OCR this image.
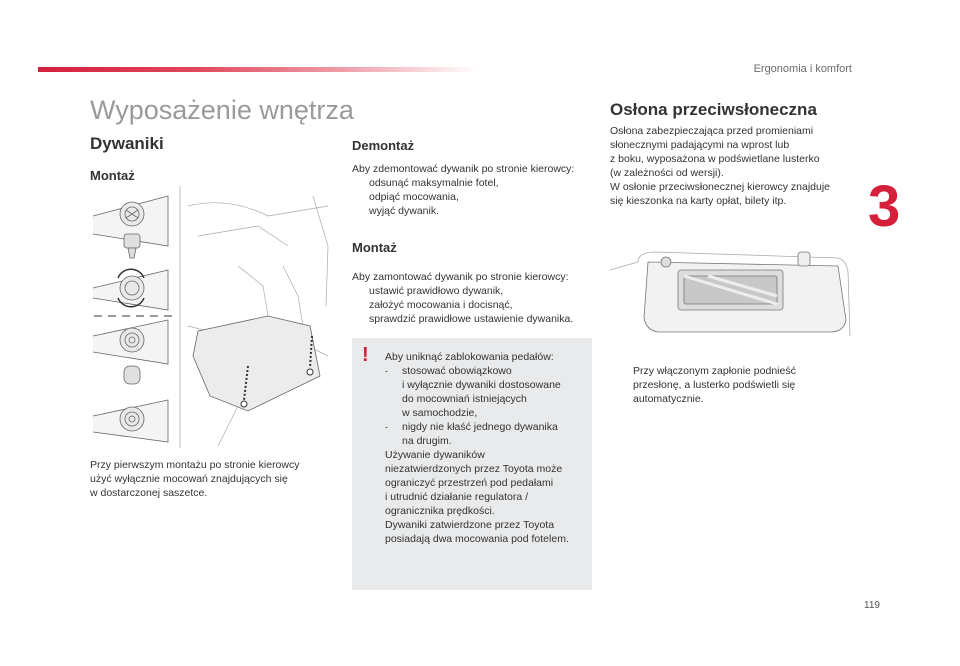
Ergonomia i komfort
3
119
Wyposażenie wnętrza
Dywaniki
Montaż
Przy pierwszym montażu po stronie kierowcy
użyć wyłącznie mocowań znajdujących się
w dostarczonej saszetce.
Demontaż
Aby zdemontować dywanik po stronie kierowcy:
odsunąć maksymalnie fotel,
odpiąć mocowania,
wyjąć dywanik.
Montaż
Aby zamontować dywanik po stronie kierowcy:
ustawić prawidłowo dywanik,
założyć mocowania i docisnąć,
sprawdzić prawidłowe ustawienie dywanika.
! Aby uniknąć zablokowania pedałów:
- stosować obowiązkowo
i wyłącznie dywaniki dostosowane
do mocowniań istniejących
w samochodzie,
- nigdy nie kłaść jednego dywanika
na drugim.
Używanie dywaników
niezatwierdzonych przez Toyota może
ograniczyć przestrzeń pod pedałami
i utrudnić działanie regulatora /
ogranicznika prędkości.
Dywaniki zatwierdzone przez Toyota
posiadają dwa mocowania pod fotelem.
Osłona przeciwsłoneczna
Osłona zabezpieczająca przed promieniami
słonecznymi padającymi na wprost lub
z boku, wyposażona w podświetlane lusterko
(w zależności od wersji).
W osłonie przeciwsłonecznej kierowcy znajduje
się kieszonka na karty opłat, bilety itp.
Przy włączonym zapłonie podnieść
przesłonę, a lusterko podświetli się
automatycznie.
